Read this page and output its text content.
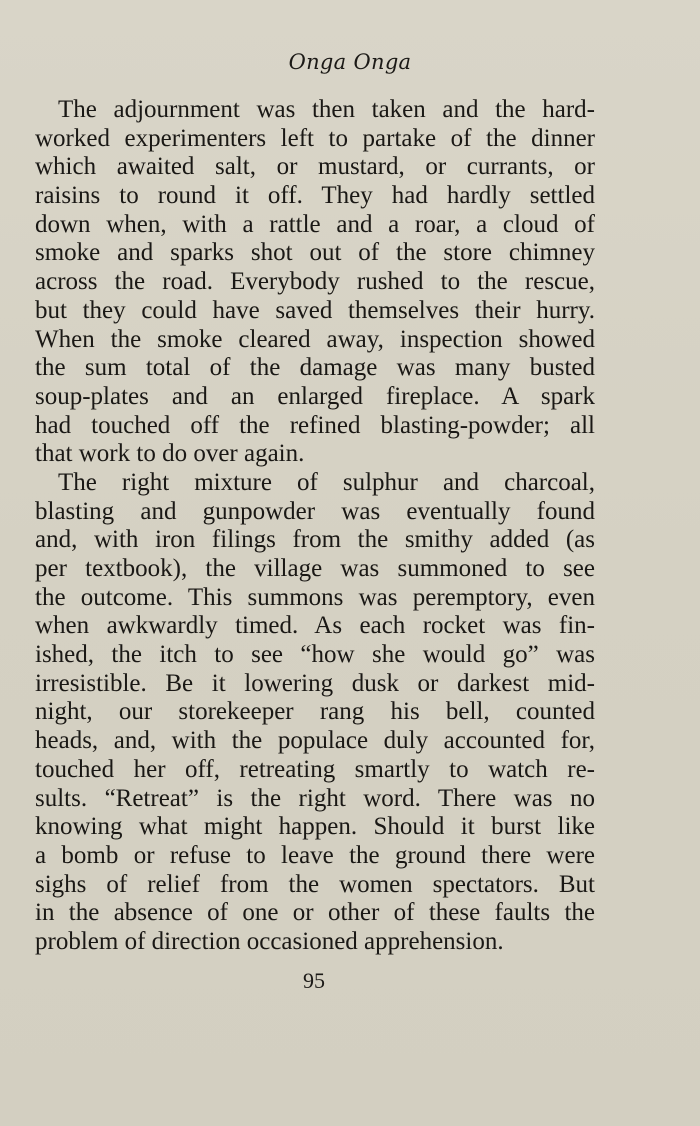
Onga Onga
The adjournment was then taken and the hard-
worked experimenters left to partake of the dinner
which awaited salt, or mustard, or currants, or
raisins to round it off. They had hardly settled
down when, with a rattle and a roar, a cloud of
smoke and sparks shot out of the store chimney
across the road. Everybody rushed to the rescue,
but they could have saved themselves their hurry.
When the smoke cleared away, inspection showed
the sum total of the damage was many busted
soup-plates and an enlarged fireplace. A spark
had touched off the refined blasting-powder; all
that work to do over again.
The right mixture of sulphur and charcoal,
blasting and gunpowder was eventually found
and, with iron filings from the smithy added (as
per textbook), the village was summoned to see
the outcome. This summons was peremptory, even
when awkwardly timed. As each rocket was fin-
ished, the itch to see “how she would go” was
irresistible. Be it lowering dusk or darkest mid-
night, our storekeeper rang his bell, counted
heads, and, with the populace duly accounted for,
touched her off, retreating smartly to watch re-
sults. “Retreat” is the right word. There was no
knowing what might happen. Should it burst like
a bomb or refuse to leave the ground there were
sighs of relief from the women spectators. But
in the absence of one or other of these faults the
problem of direction occasioned apprehension.
95
